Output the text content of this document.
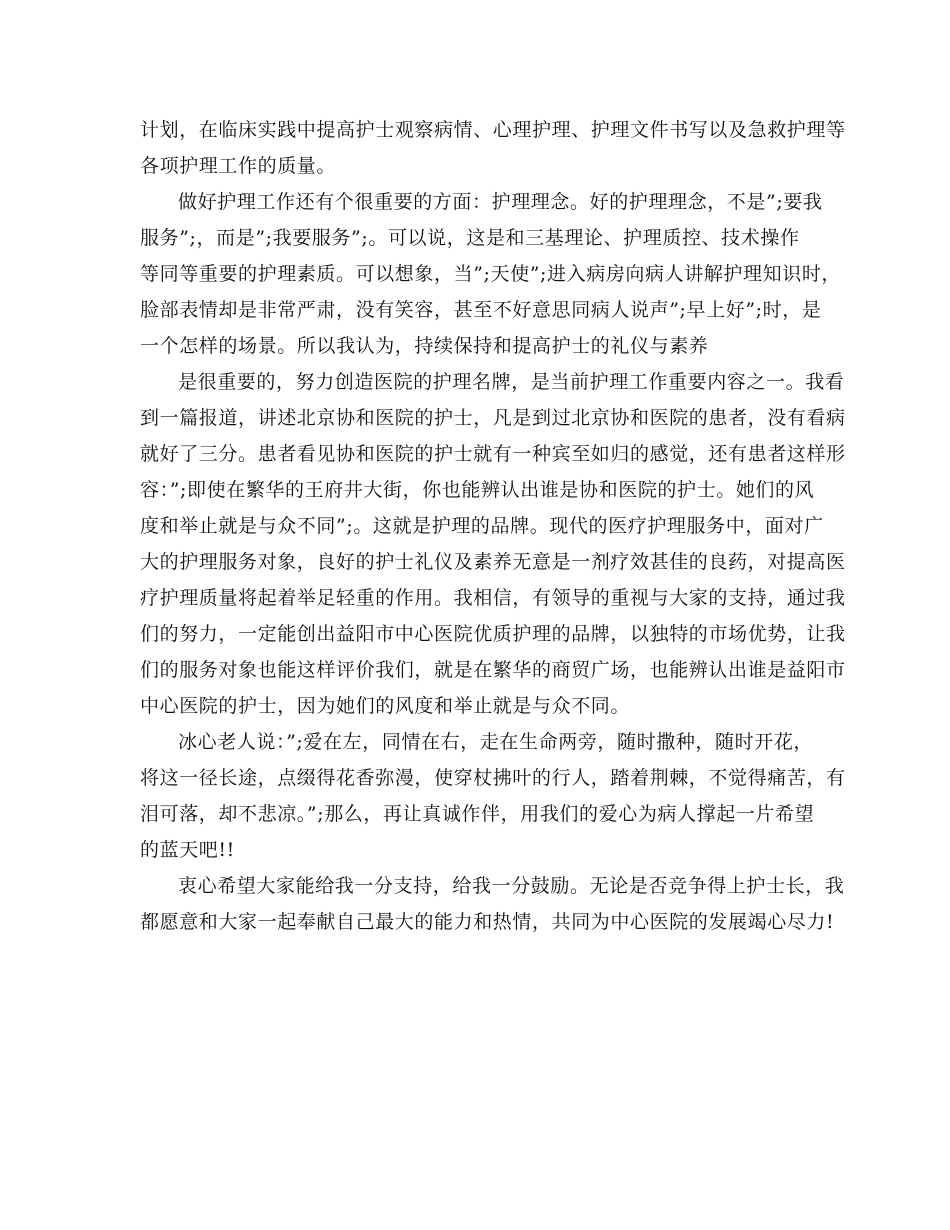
计划，在临床实践中提高护士观察病情、心理护理、护理文件书写以及急救护理等
各项护理工作的质量。
做好护理工作还有个很重要的方面：护理理念。好的护理理念，不是”;要我
服务”;，而是”;我要服务”;。可以说，这是和三基理论、护理质控、技术操作
等同等重要的护理素质。可以想象，当”;天使”;进入病房向病人讲解护理知识时，
脸部表情却是非常严肃，没有笑容，甚至不好意思同病人说声”;早上好”;时，是
一个怎样的场景。所以我认为，持续保持和提高护士的礼仪与素养
是很重要的，努力创造医院的护理名牌，是当前护理工作重要内容之一。我看
到一篇报道，讲述北京协和医院的护士，凡是到过北京协和医院的患者，没有看病
就好了三分。患者看见协和医院的护士就有一种宾至如归的感觉，还有患者这样形
容：”;即使在繁华的王府井大街，你也能辨认出谁是协和医院的护士。她们的风
度和举止就是与众不同”;。这就是护理的品牌。现代的医疗护理服务中，面对广
大的护理服务对象，良好的护士礼仪及素养无意是一剂疗效甚佳的良药，对提高医
疗护理质量将起着举足轻重的作用。我相信，有领导的重视与大家的支持，通过我
们的努力，一定能创出益阳市中心医院优质护理的品牌，以独特的市场优势，让我
们的服务对象也能这样评价我们，就是在繁华的商贸广场，也能辨认出谁是益阳市
中心医院的护士，因为她们的风度和举止就是与众不同。
冰心老人说：”;爱在左，同情在右，走在生命两旁，随时撒种，随时开花，
将这一径长途，点缀得花香弥漫，使穿杖拂叶的行人，踏着荆棘，不觉得痛苦，有
泪可落，却不悲凉。”;那么，再让真诚作伴，用我们的爱心为病人撑起一片希望
的蓝天吧!!
衷心希望大家能给我一分支持，给我一分鼓励。无论是否竞争得上护士长，我
都愿意和大家一起奉献自己最大的能力和热情，共同为中心医院的发展竭心尽力!
